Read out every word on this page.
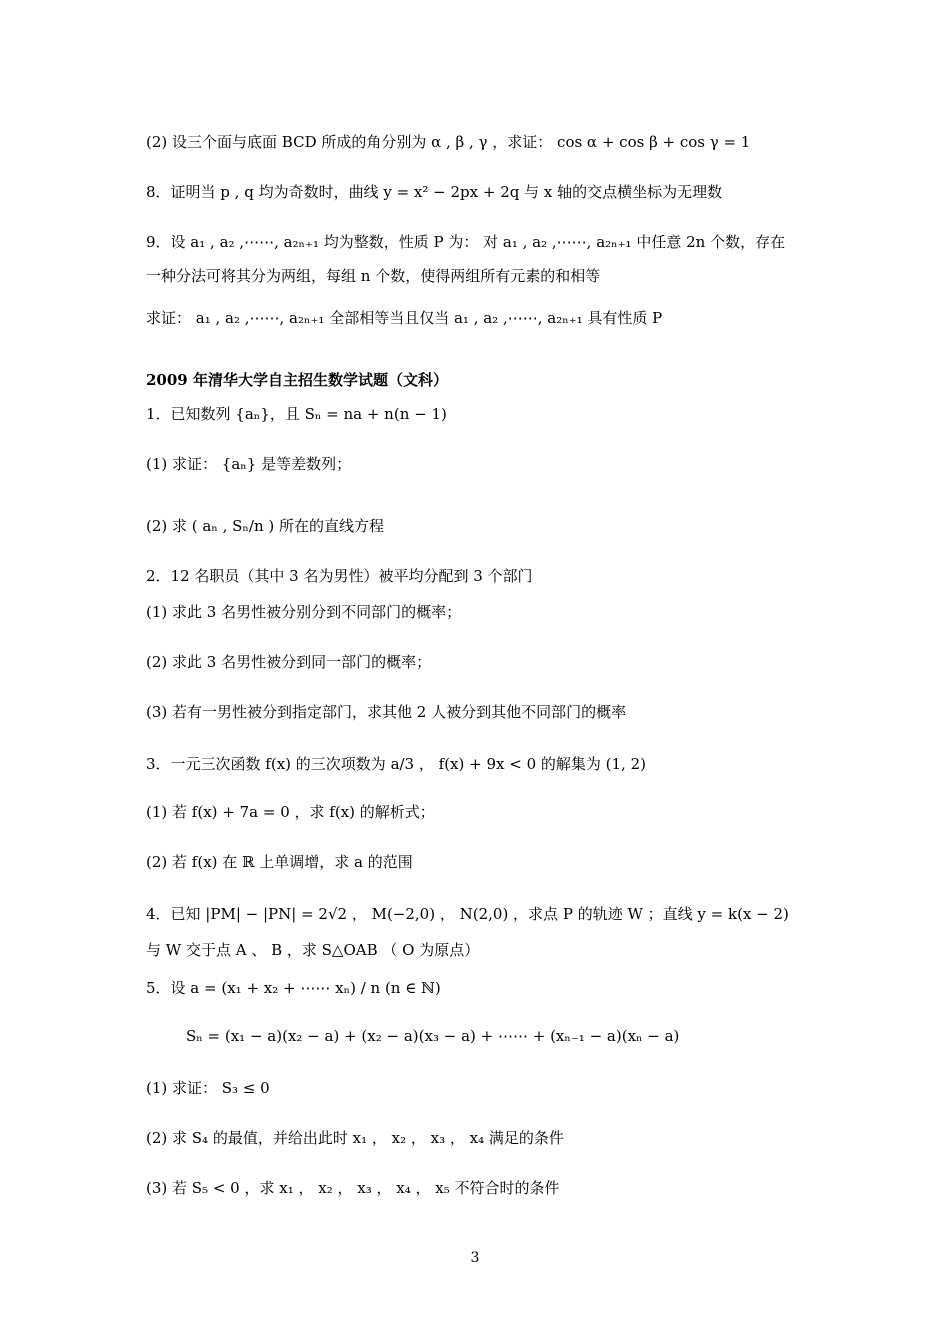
(2) 设三个面与底面 BCD 所成的角分别为 α , β , γ ，求证： cos α + cos β + cos γ = 1
8．证明当 p , q 均为奇数时，曲线 y = x² − 2px + 2q 与 x 轴的交点横坐标为无理数
9．设 a₁ , a₂ ,⋯⋯, a₂ₙ₊₁ 均为整数，性质 P 为： 对 a₁ , a₂ ,⋯⋯, a₂ₙ₊₁ 中任意 2n 个数，存在
一种分法可将其分为两组，每组 n 个数，使得两组所有元素的和相等
求证： a₁ , a₂ ,⋯⋯, a₂ₙ₊₁ 全部相等当且仅当 a₁ , a₂ ,⋯⋯, a₂ₙ₊₁ 具有性质 P
2009 年清华大学自主招生数学试题（文科）
1．已知数列 {aₙ}，且 Sₙ = na + n(n − 1)
(1) 求证： {aₙ} 是等差数列；
(2) 求 ( aₙ , Sₙ/n ) 所在的直线方程
2．12 名职员（其中 3 名为男性）被平均分配到 3 个部门
(1) 求此 3 名男性被分别分到不同部门的概率；
(2) 求此 3 名男性被分到同一部门的概率；
(3) 若有一男性被分到指定部门，求其他 2 人被分到其他不同部门的概率
3．一元三次函数 f(x) 的三次项数为 a/3 ， f(x) + 9x < 0 的解集为 (1, 2)
(1) 若 f(x) + 7a = 0 ，求 f(x) 的解析式；
(2) 若 f(x) 在 ℝ 上单调增，求 a 的范围
4．已知 |PM| − |PN| = 2√2 ， M(−2,0) ， N(2,0) ，求点 P 的轨迹 W ；直线 y = k(x − 2)
与 W 交于点 A 、 B ，求 S△OAB （ O 为原点）
5．设 a = (x₁ + x₂ + ⋯⋯ xₙ) / n (n ∈ ℕ)
Sₙ = (x₁ − a)(x₂ − a) + (x₂ − a)(x₃ − a) + ⋯⋯ + (xₙ₋₁ − a)(xₙ − a)
(1) 求证： S₃ ≤ 0
(2) 求 S₄ 的最值，并给出此时 x₁ ， x₂ ， x₃ ， x₄ 满足的条件
(3) 若 S₅ < 0 ，求 x₁ ， x₂ ， x₃ ， x₄ ， x₅ 不符合时的条件
3
